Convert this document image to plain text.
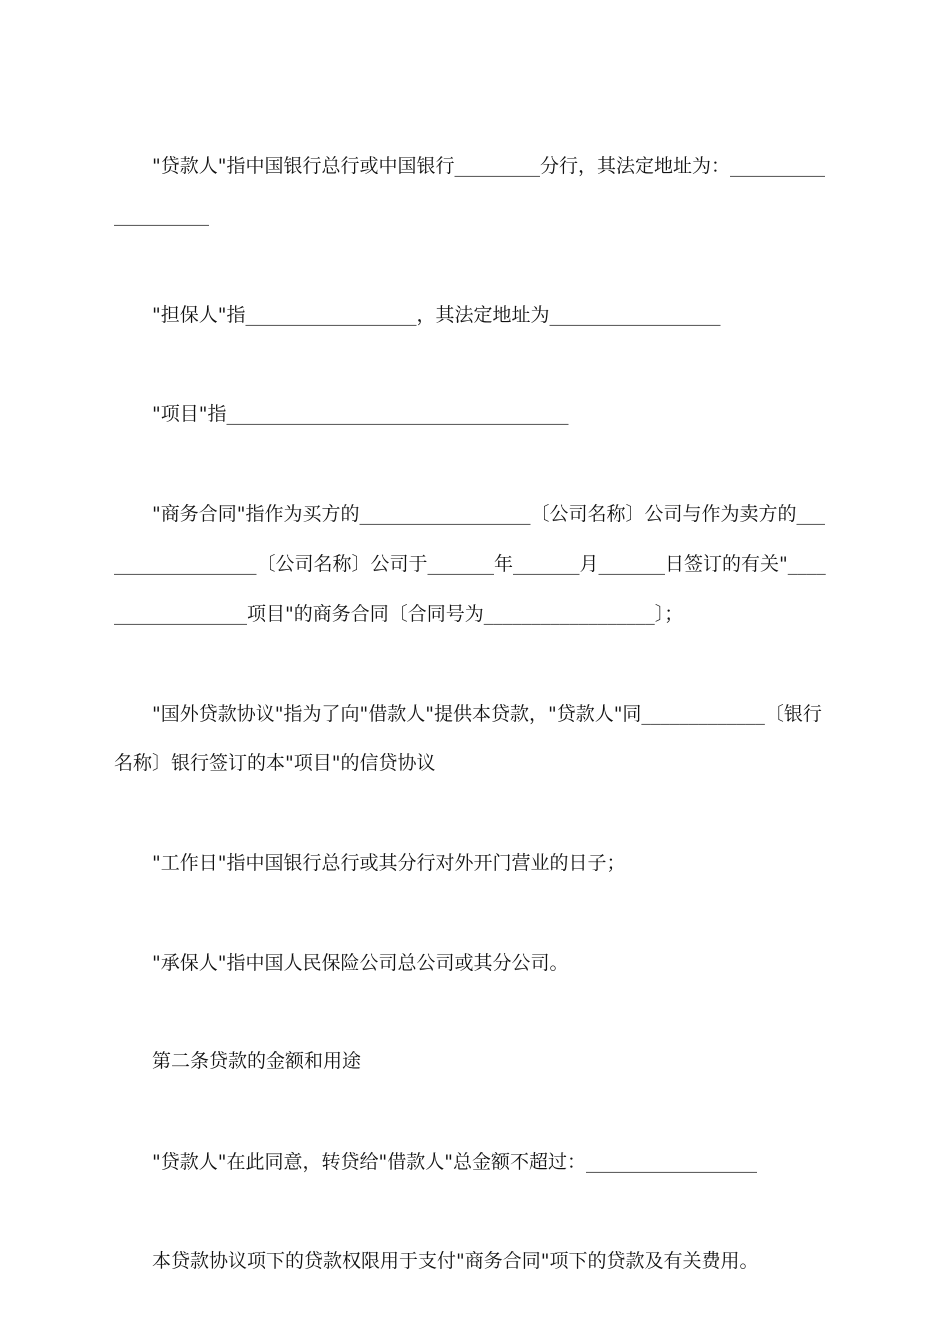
"贷款人"指中国银行总行或中国银行_________分行，其法定地址为：__________
__________
"担保人"指__________________，其法定地址为__________________
"项目"指____________________________________
"商务合同"指作为买方的__________________〔公司名称〕公司与作为卖方的___
_______________〔公司名称〕公司于_______年_______月_______日签订的有关"____
______________项目"的商务合同〔合同号为__________________〕；
"国外贷款协议"指为了向"借款人"提供本贷款，"贷款人"同_____________〔银行
名称〕银行签订的本"项目"的信贷协议
"工作日"指中国银行总行或其分行对外开门营业的日子；
"承保人"指中国人民保险公司总公司或其分公司。
第二条贷款的金额和用途
"贷款人"在此同意，转贷给"借款人"总金额不超过：__________________
本贷款协议项下的贷款权限用于支付"商务合同"项下的贷款及有关费用。
